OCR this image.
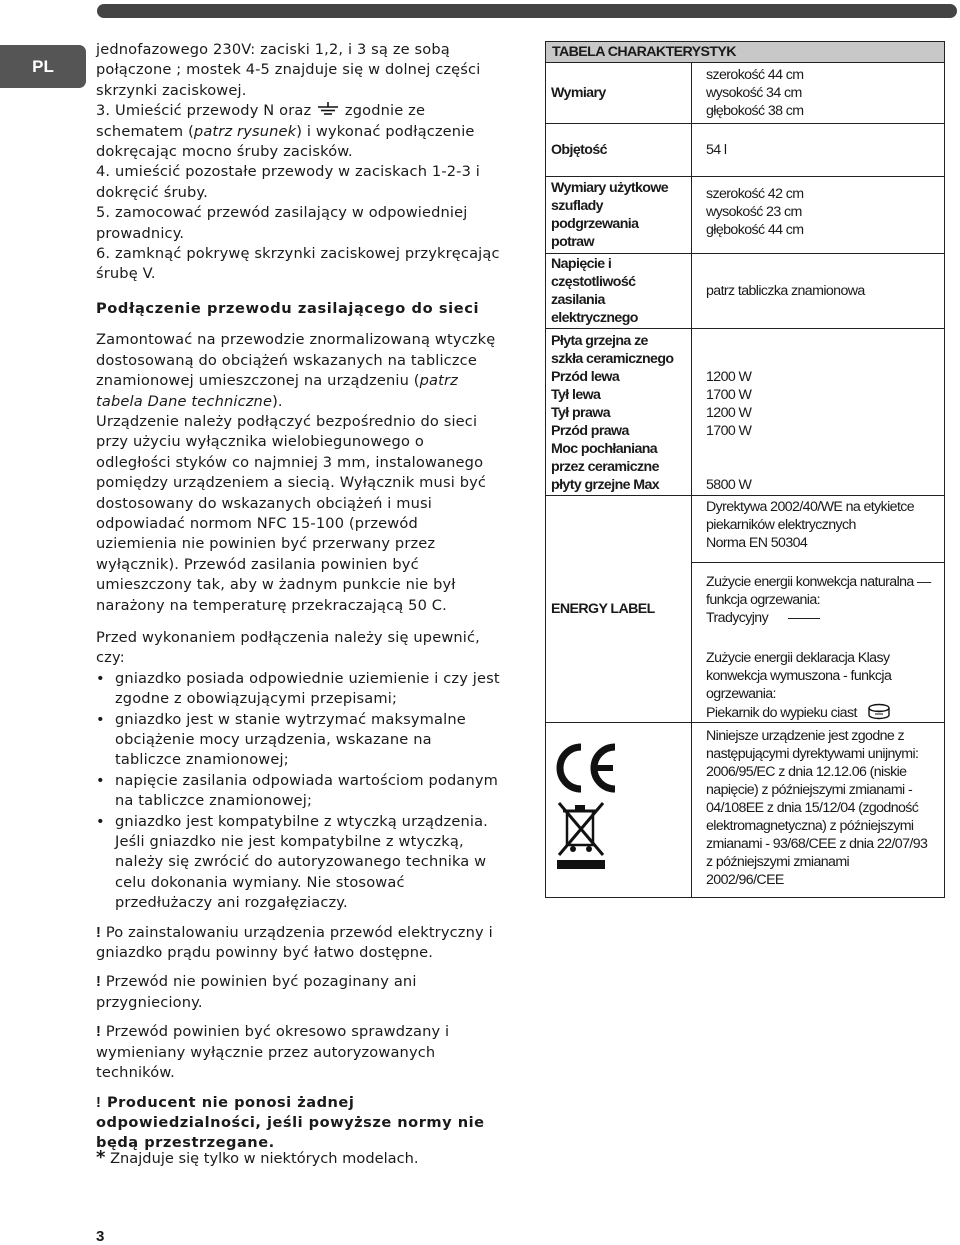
PL

jednofazowego 230V: zaciski 1,2, i 3 są ze sobą połączone ; mostek 4-5 znajduje się w dolnej części skrzynki zaciskowej.

3. Umieścić przewody N oraz zgodnie ze schematem (patrz rysunek) i wykonać podłączenie dokręcając mocno śruby zacisków.

4. umieścić pozostałe przewody w zaciskach 1-2-3 i dokręcić śruby.

5. zamocować przewód zasilający w odpowiedniej prowadnicy.

6. zamknąć pokrywę skrzynki zaciskowej przykręcając śrubę V.

Podłączenie przewodu zasilającego do sieci

Zamontować na przewodzie znormalizowaną wtyczkę dostosowaną do obciążeń wskazanych na tabliczce znamionowej umieszczonej na urządzeniu (patrz tabela Dane techniczne).

Urządzenie należy podłączyć bezpośrednio do sieci przy użyciu wyłącznika wielobiegunowego o odległości styków co najmniej 3 mm, instalowanego pomiędzy urządzeniem a siecią. Wyłącznik musi być dostosowany do wskazanych obciążeń i musi odpowiadać normom NFC 15-100 (przewód uziemienia nie powinien być przerwany przez wyłącznik). Przewód zasilania powinien być umieszczony tak, aby w żadnym punkcie nie był narażony na temperaturę przekraczającą 50 C.

Przed wykonaniem podłączenia należy się upewnić, czy:

• gniazdko posiada odpowiednie uziemienie i czy jest zgodne z obowiązującymi przepisami;
• gniazdko jest w stanie wytrzymać maksymalne obciążenie mocy urządzenia, wskazane na tabliczce znamionowej;
• napięcie zasilania odpowiada wartościom podanym na tabliczce znamionowej;
• gniazdko jest kompatybilne z wtyczką urządzenia. Jeśli gniazdko nie jest kompatybilne z wtyczką, należy się zwrócić do autoryzowanego technika w celu dokonania wymiany. Nie stosować przedłużaczy ani rozgałęziaczy.

! Po zainstalowaniu urządzenia przewód elektryczny i gniazdko prądu powinny być łatwo dostępne.

! Przewód nie powinien być pozaginany ani przygnieciony.

! Przewód powinien być okresowo sprawdzany i wymieniany wyłącznie przez autoryzowanych techników.

! Producent nie ponosi żadnej odpowiedzialności, jeśli powyższe normy nie będą przestrzegane.

* Znajduje się tylko w niektórych modelach.
3
TABELA CHARAKTERYSTYK
Wymiary
szerokość 44 cm
wysokość 34 cm
głębokość 38 cm
Objętość	54 l
Wymiary użytkowe
szuflady
podgrzewania
potraw
szerokość 42 cm
wysokość 23 cm
głębokość 44 cm
Napięcie i
częstotliwość
zasilania
elektrycznego
patrz tabliczka znamionowa
Płyta grzejna ze
szkła ceramicznego
Przód lewa
Tył lewa
Tył prawa
Przód prawa
Moc pochłaniana
przez ceramiczne
płyty grzejne Max
1200 W
1700 W
1200 W
1700 W
5800 W
ENERGY LABEL
Dyrektywa 2002/40/WE na etykietce
piekarników elektrycznych
Norma EN 50304
Zużycie energii konwekcja naturalna —
funkcja ogrzewania:
Tradycyjny
Zużycie energii deklaracja Klasy
konwekcja wymuszona - funkcja
ogrzewania:
Piekarnik do wypieku ciast
Niniejsze urządzenie jest zgodne z
następującymi dyrektywami unijnymi:
2006/95/EC z dnia 12.12.06 (niskie
napięcie) z późniejszymi zmianami -
04/108EE z dnia 15/12/04 (zgodność
elektromagnetyczna) z późniejszymi
zmianami - 93/68/CEE z dnia 22/07/93
z późniejszymi zmianami
2002/96/CEE
